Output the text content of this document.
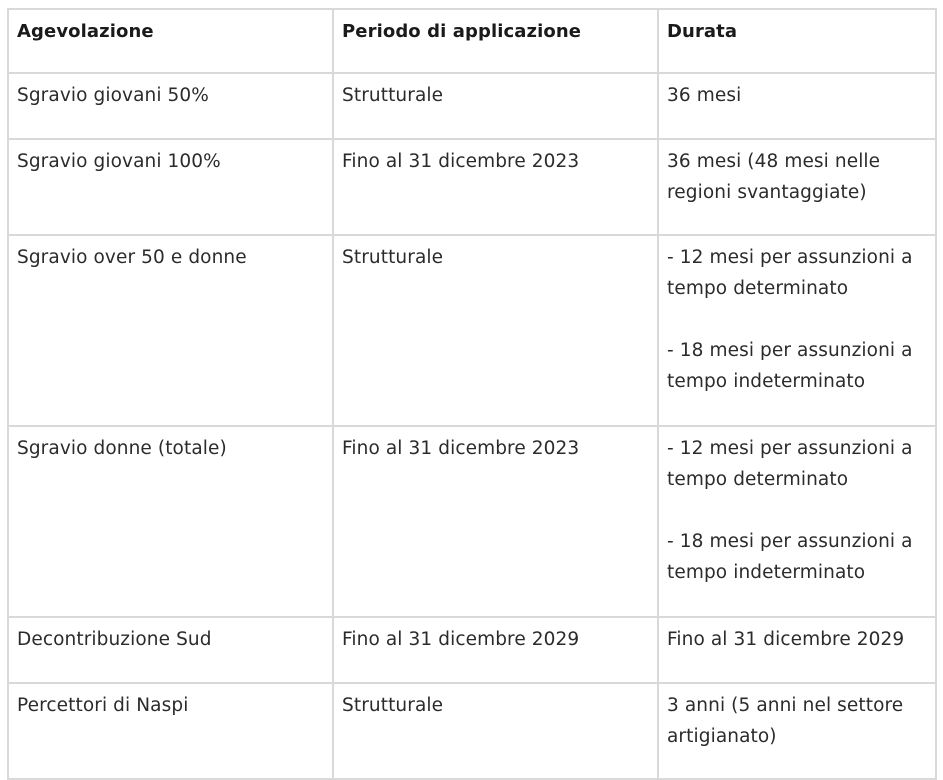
Agevolazione	Periodo di applicazione	Durata
Sgravio giovani 50%	Strutturale	36 mesi

Sgravio giovani 100%	Fino al 31 dicembre 2023	36 mesi (48 mesi nelle regioni svantaggiate)

Sgravio over 50 e donne	Strutturale	- 12 mesi per assunzioni a tempo determinato
- 18 mesi per assunzioni a tempo indeterminato

Sgravio donne (totale)	Fino al 31 dicembre 2023	- 12 mesi per assunzioni a tempo determinato
- 18 mesi per assunzioni a tempo indeterminato

Decontribuzione Sud	Fino al 31 dicembre 2029	Fino al 31 dicembre 2029

Percettori di Naspi	Strutturale	3 anni (5 anni nel settore artigianato)
